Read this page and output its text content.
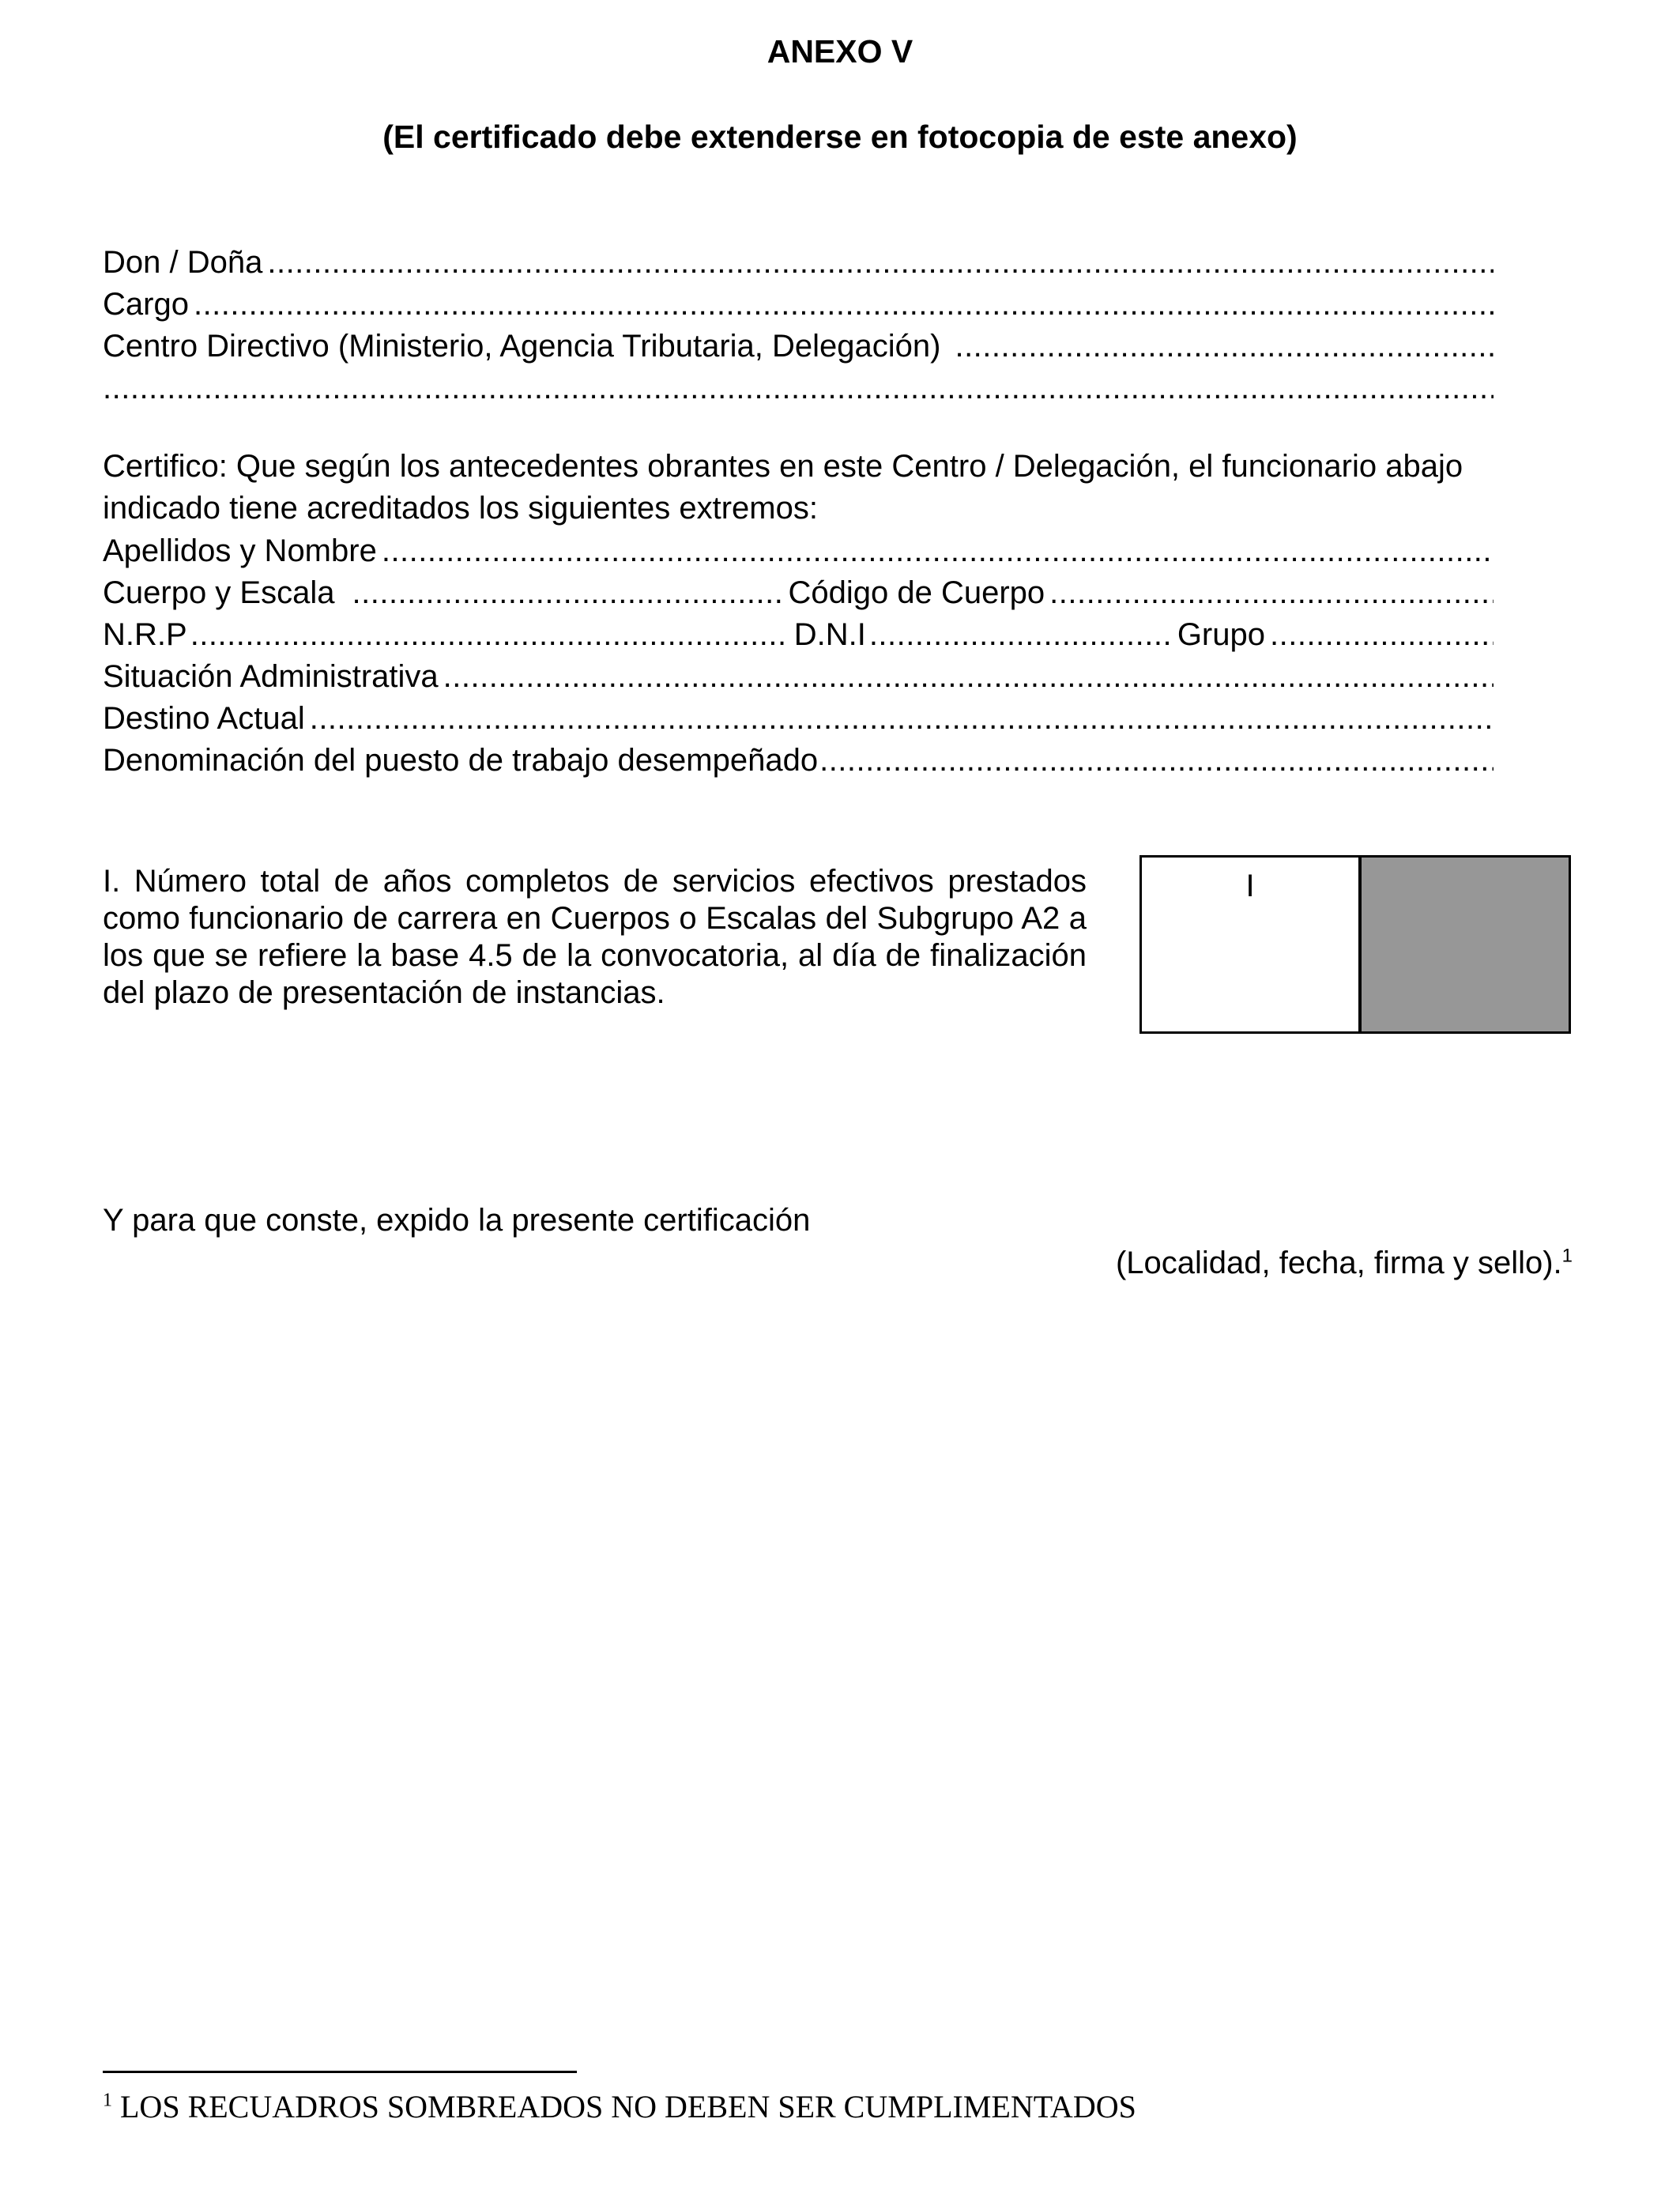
ANEXO V
(El certificado debe extenderse en fotocopia de este anexo)
Don / Doña
.....
Cargo
.....
Centro Directivo (Ministerio, Agencia Tributaria, Delegación)
.....
.....
Certifico: Que según los antecedentes obrantes en este Centro / Delegación, el funcionario abajo indicado tiene acreditados los siguientes extremos:
Apellidos y Nombre
.....
Cuerpo y Escala .....	Código de Cuerpo
.....
N.R.P .....	D.N.I .....	Grupo
.....
Situación Administrativa
.....
Destino Actual
.....
Denominación del puesto de trabajo desempeñado
.....
I. Número total de años completos de servicios efectivos prestados como funcionario de carrera en Cuerpos o Escalas del Subgrupo A2 a los que se refiere la base 4.5 de la convocatoria, al día de finalización del plazo de presentación de instancias.
I
Y para que conste, expido la presente certificación
(Localidad, fecha, firma y sello).$^1$
$^1$ LOS RECUADROS SOMBREADOS NO DEBEN SER CUMPLIMENTADOS
